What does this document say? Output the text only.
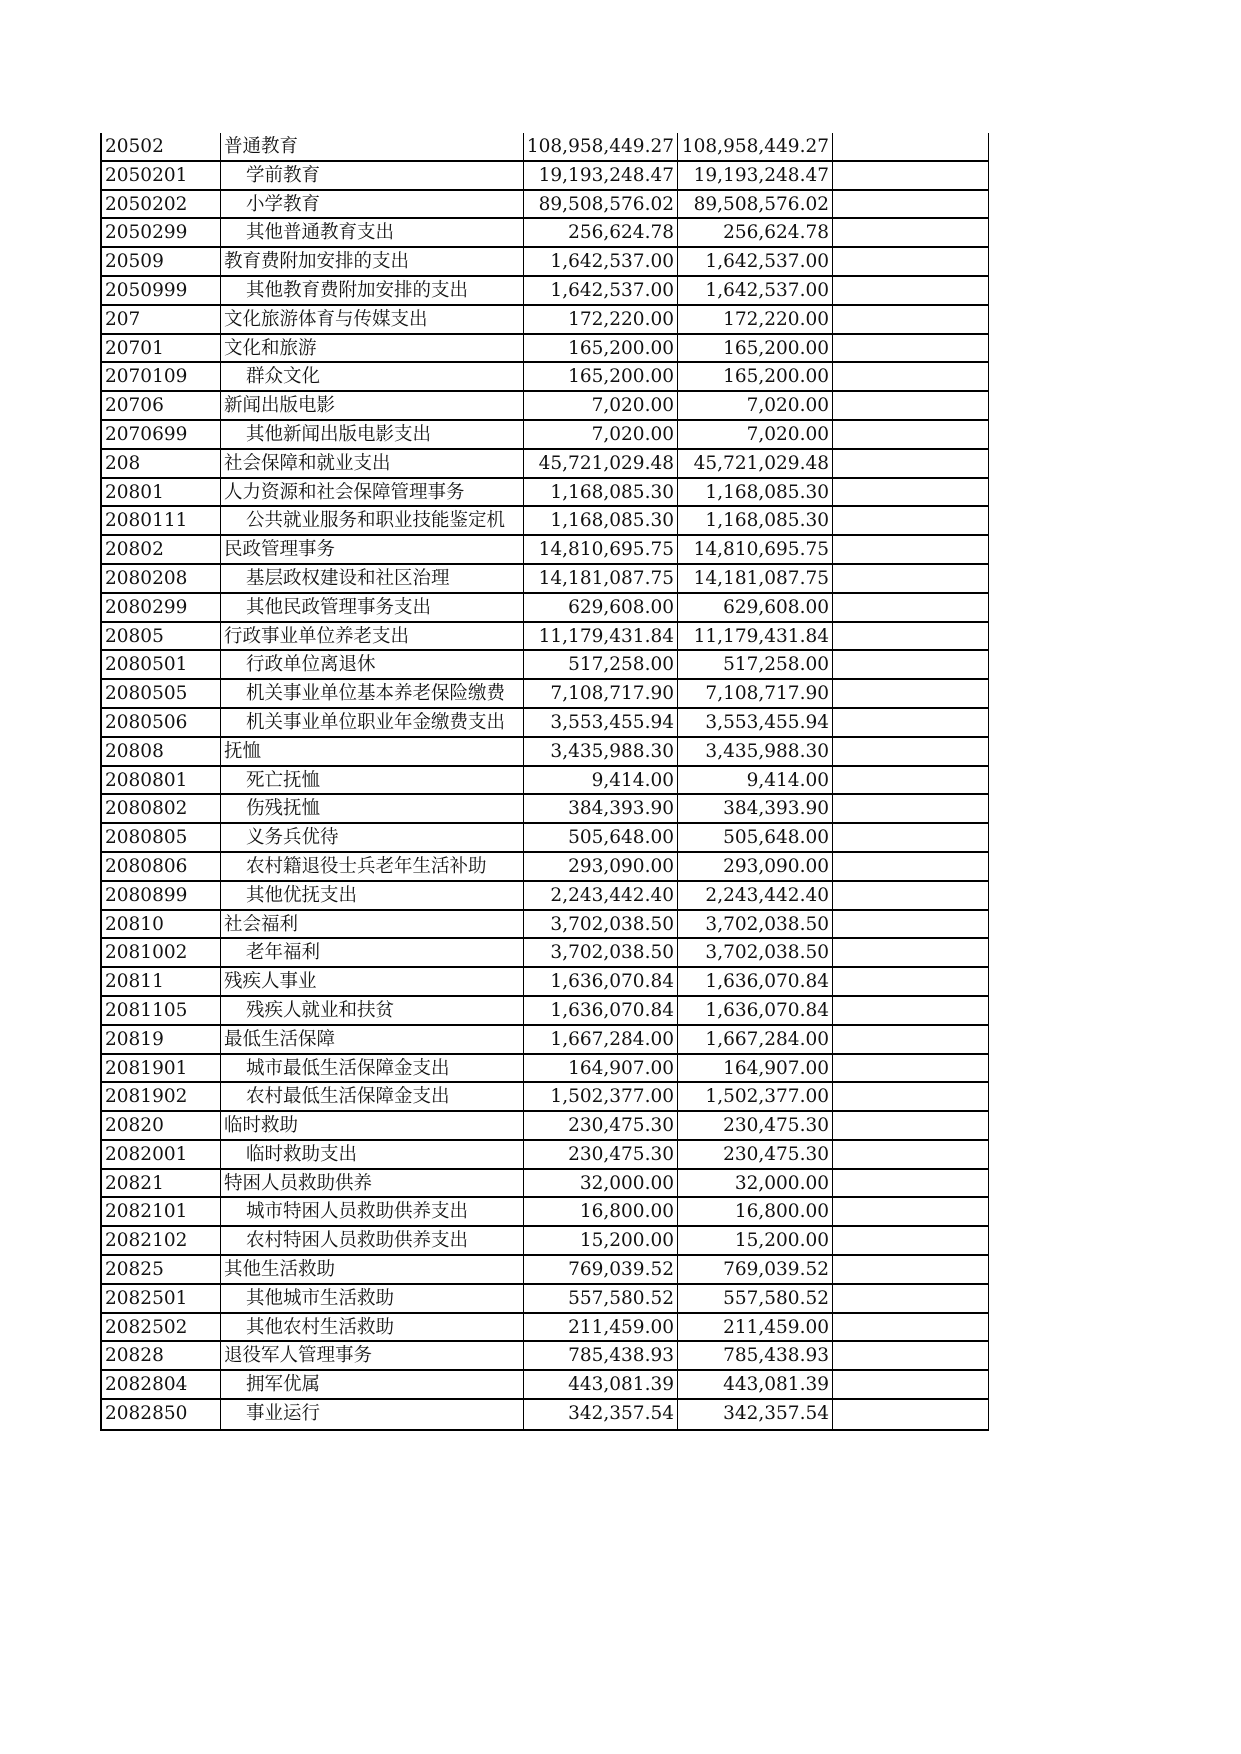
20502	普通教育	108,958,449.27 108,958,449.27
2050201	学前教育	19,193,248.47	19,193,248.47
2050202	小学教育	89,508,576.02	89,508,576.02
2050299	其他普通教育支出	256,624.78	256,624.78
20509	教育费附加安排的支出	1,642,537.00	1,642,537.00
2050999	其他教育费附加安排的支出	1,642,537.00	1,642,537.00
207	文化旅游体育与传媒支出	172,220.00	172,220.00
20701	文化和旅游	165,200.00	165,200.00
2070109	群众文化	165,200.00	165,200.00
20706	新闻出版电影	7,020.00	7,020.00
2070699	其他新闻出版电影支出	7,020.00	7,020.00
208	社会保障和就业支出	45,721,029.48	45,721,029.48
20801	人力资源和社会保障管理事务	1,168,085.30	1,168,085.30
2080111	公共就业服务和职业技能鉴定机	1,168,085.30	1,168,085.30
20802	民政管理事务	14,810,695.75	14,810,695.75
2080208	基层政权建设和社区治理	14,181,087.75	14,181,087.75
2080299	其他民政管理事务支出	629,608.00	629,608.00
20805	行政事业单位养老支出	11,179,431.84	11,179,431.84
2080501	行政单位离退休	517,258.00	517,258.00
2080505	机关事业单位基本养老保险缴费	7,108,717.90	7,108,717.90
2080506	机关事业单位职业年金缴费支出	3,553,455.94	3,553,455.94
20808	抚恤	3,435,988.30	3,435,988.30
2080801	死亡抚恤	9,414.00	9,414.00
2080802	伤残抚恤	384,393.90	384,393.90
2080805	义务兵优待	505,648.00	505,648.00
2080806	农村籍退役士兵老年生活补助	293,090.00	293,090.00
2080899	其他优抚支出	2,243,442.40	2,243,442.40
20810	社会福利	3,702,038.50	3,702,038.50
2081002	老年福利	3,702,038.50	3,702,038.50
20811	残疾人事业	1,636,070.84	1,636,070.84
2081105	残疾人就业和扶贫	1,636,070.84	1,636,070.84
20819	最低生活保障	1,667,284.00	1,667,284.00
2081901	城市最低生活保障金支出	164,907.00	164,907.00
2081902	农村最低生活保障金支出	1,502,377.00	1,502,377.00
20820	临时救助	230,475.30	230,475.30
2082001	临时救助支出	230,475.30	230,475.30
20821	特困人员救助供养	32,000.00	32,000.00
2082101	城市特困人员救助供养支出	16,800.00	16,800.00
2082102	农村特困人员救助供养支出	15,200.00	15,200.00
20825	其他生活救助	769,039.52	769,039.52
2082501	其他城市生活救助	557,580.52	557,580.52
2082502	其他农村生活救助	211,459.00	211,459.00
20828	退役军人管理事务	785,438.93	785,438.93
2082804	拥军优属	443,081.39	443,081.39
2082850	事业运行	342,357.54	342,357.54
